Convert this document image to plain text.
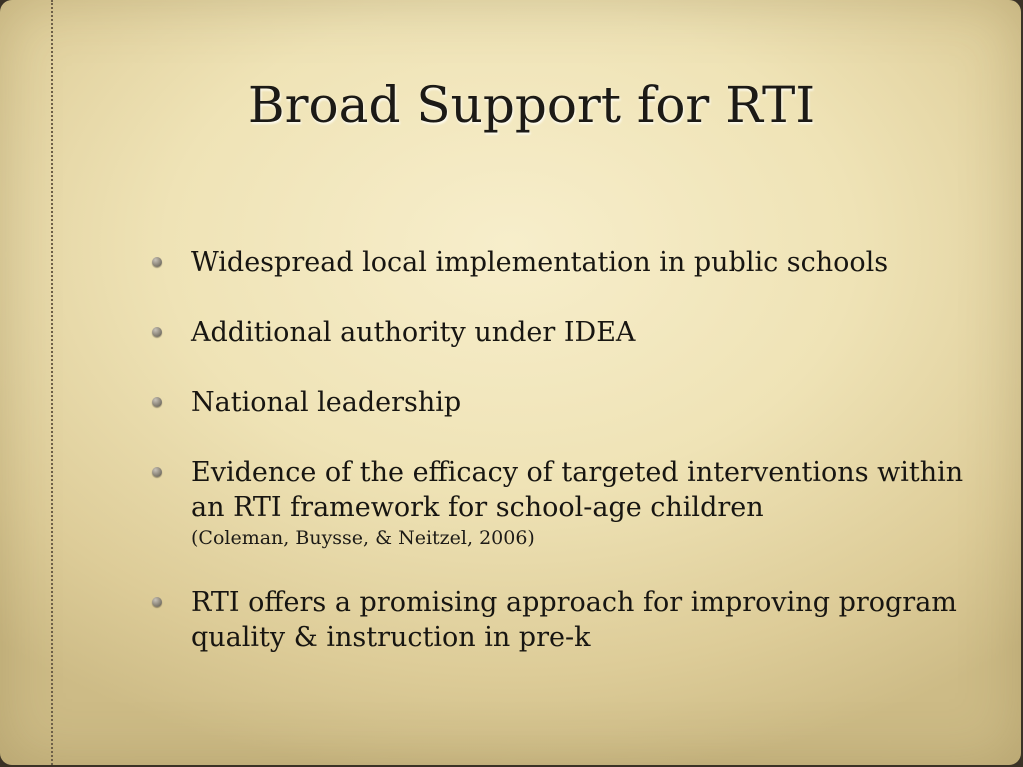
Broad Support for RTI
Widespread local implementation in public schools
Additional authority under IDEA
National leadership
Evidence of the efficacy of targeted interventions within an RTI framework for school-age children
(Coleman, Buysse, & Neitzel, 2006)
RTI offers a promising approach for improving program quality & instruction in pre-k
